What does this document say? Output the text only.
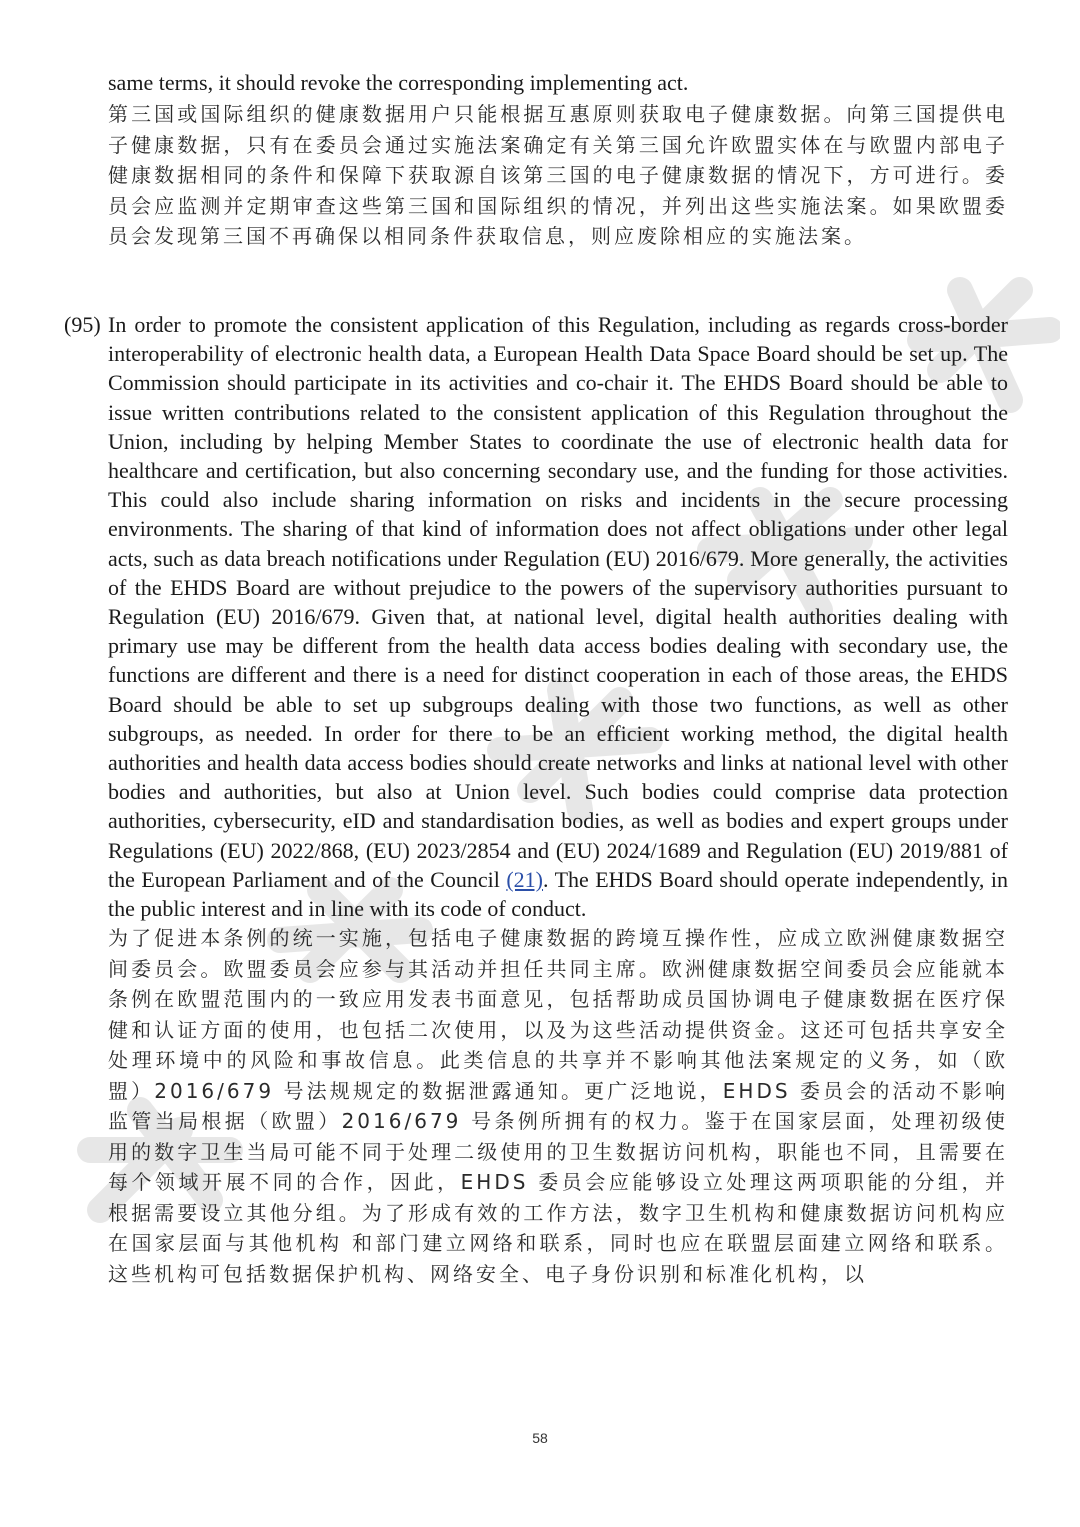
same terms, it should revoke the corresponding implementing act.

第三国或国际组织的健康数据用户只能根据互惠原则获取电子健康数据。向第三国提供电子健康数据，只有在委员会通过实施法案确定有关第三国允许欧盟实体在与欧盟内部电子健康数据相同的条件和保障下获取源自该第三国的电子健康数据的情况下，方可进行。委员会应监测并定期审查这些第三国和国际组织的情况，并列出这些实施法案。如果欧盟委员会发现第三国不再确保以相同条件获取信息，则应废除相应的实施法案。

(95) In order to promote the consistent application of this Regulation, including as regards cross-border interoperability of electronic health data, a European Health Data Space Board should be set up. The Commission should participate in its activities and co-chair it. The EHDS Board should be able to issue written contributions related to the consistent application of this Regulation throughout the Union, including by helping Member States to coordinate the use of electronic health data for healthcare and certification, but also concerning secondary use, and the funding for those activities. This could also include sharing information on risks and incidents in the secure processing environments. The sharing of that kind of information does not affect obligations under other legal acts, such as data breach notifications under Regulation (EU) 2016/679. More generally, the activities of the EHDS Board are without prejudice to the powers of the supervisory authorities pursuant to Regulation (EU) 2016/679. Given that, at national level, digital health authorities dealing with primary use may be different from the health data access bodies dealing with secondary use, the functions are different and there is a need for distinct cooperation in each of those areas, the EHDS Board should be able to set up subgroups dealing with those two functions, as well as other subgroups, as needed. In order for there to be an efficient working method, the digital health authorities and health data access bodies should create networks and links at national level with other bodies and authorities, but also at Union level. Such bodies could comprise data protection authorities, cybersecurity, eID and standardisation bodies, as well as bodies and expert groups under Regulations (EU) 2022/868, (EU) 2023/2854 and (EU) 2024/1689 and Regulation (EU) 2019/881 of the European Parliament and of the Council (21). The EHDS Board should operate independently, in the public interest and in line with its code of conduct.

为了促进本条例的统一实施，包括电子健康数据的跨境互操作性，应成立欧洲健康数据空间委员会。欧盟委员会应参与其活动并担任共同主席。欧洲健康数据空间委员会应能就本条例在欧盟范围内的一致应用发表书面意见，包括帮助成员国协调电子健康数据在医疗保健和认证方面的使用，也包括二次使用，以及为这些活动提供资金。这还可包括共享安全处理环境中的风险和事故信息。此类信息的共享并不影响其他法案规定的义务，如（欧盟）2016/679 号法规规定的数据泄露通知。更广泛地说，EHDS 委员会的活动不影响监管当局根据（欧盟）2016/679 号条例所拥有的权力。鉴于在国家层面，处理初级使用的数字卫生当局可能不同于处理二级使用的卫生数据访问机构，职能也不同，且需要在每个领域开展不同的合作，因此，EHDS 委员会应能够设立处理这两项职能的分组，并根据需要设立其他分组。为了形成有效的工作方法，数字卫生机构和健康数据访问机构应在国家层面与其他机构 和部门建立网络和联系，同时也应在联盟层面建立网络和联系。 这些机构可包括数据保护机构、网络安全、电子身份识别和标准化机构，以

58
